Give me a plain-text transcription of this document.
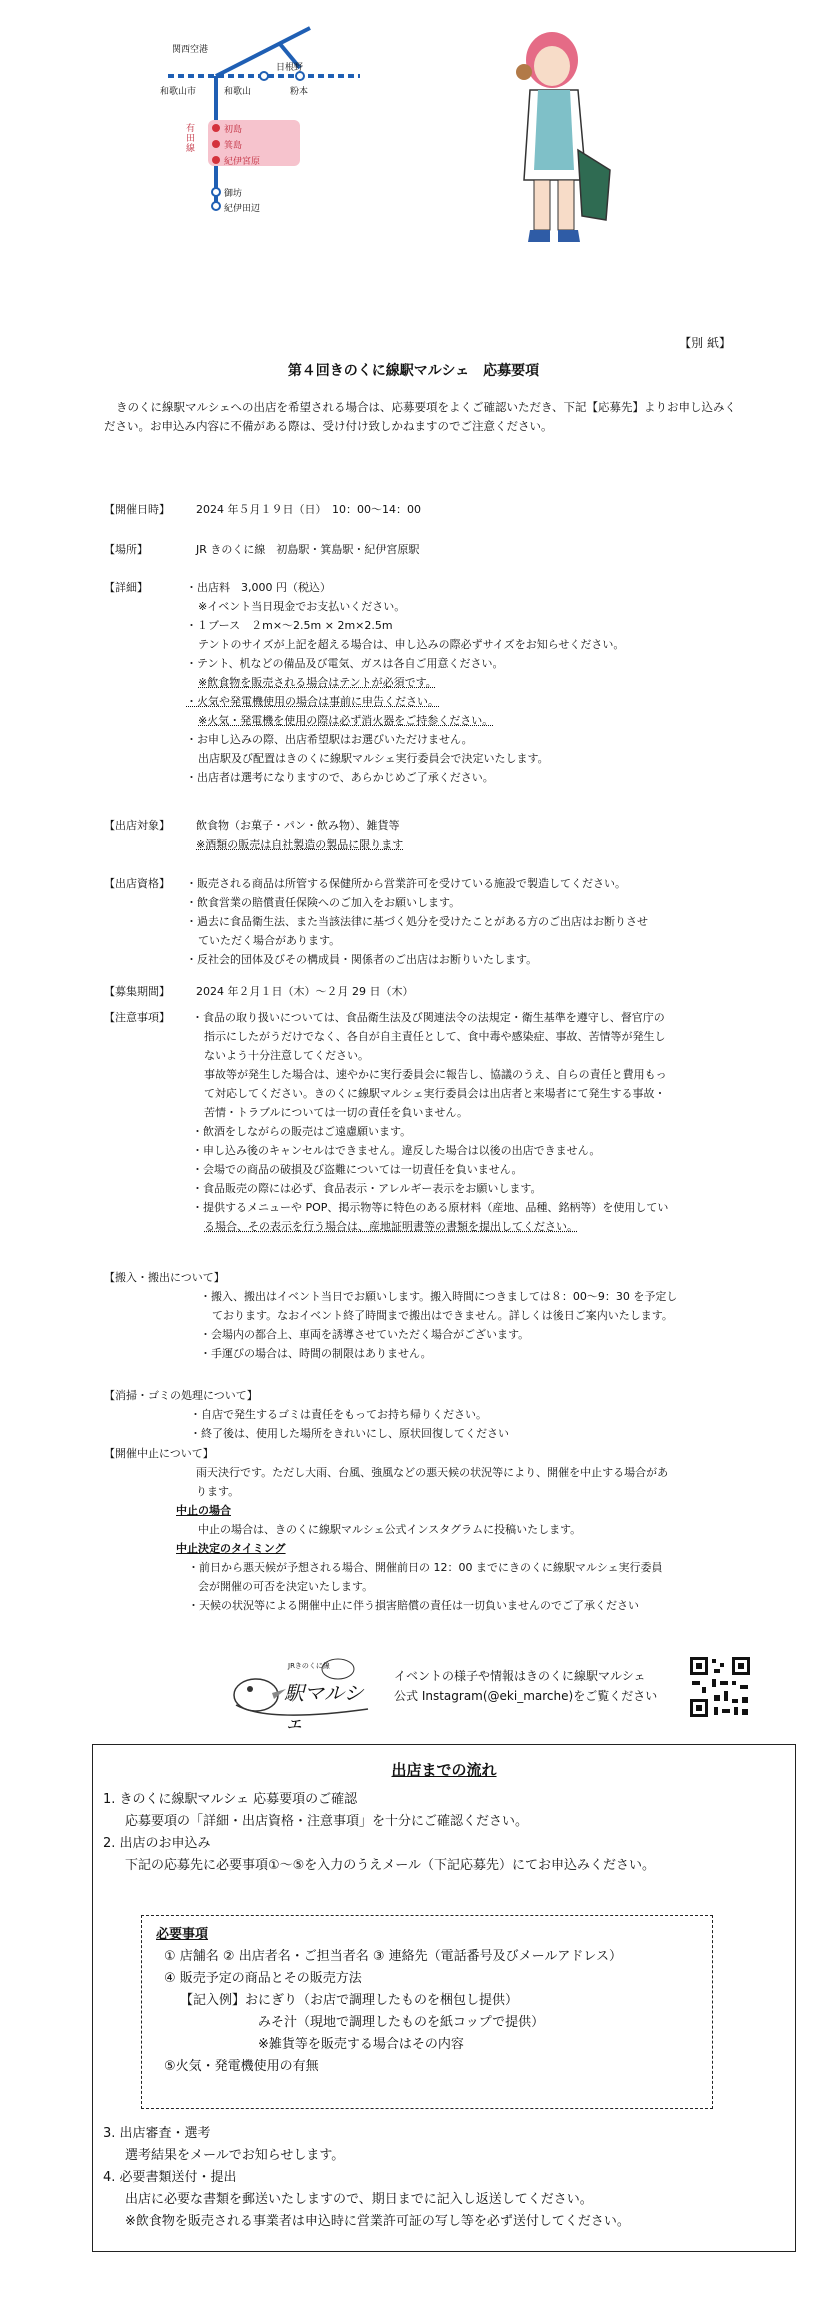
関西空港
日根野
和歌山市	和歌山	粉本
有田線
初島
箕島
紀伊宮原
御坊
紀伊田辺
【別 紙】
第４回きのくに線駅マルシェ　応募要項
きのくに線駅マルシェへの出店を希望される場合は、応募要項をよくご確認いただき、下記【応募先】よりお申し込みください。お申込み内容に不備がある際は、受け付け致しかねますのでご注意ください。
【開催日時】 2024 年５月１９日（日）　10：00～14：00
【場所】	JR きのくに線　初島駅・箕島駅・紀伊宮原駅
【詳細】	・出店料　3,000 円（税込）
※イベント当日現金でお支払いください。
・１ブース　２m×～2.5m × 2m×2.5m
テントのサイズが上記を超える場合は、申し込みの際必ずサイズをお知らせください。
・テント、机などの備品及び電気、ガスは各自ご用意ください。
※飲食物を販売される場合はテントが必須です。
・火気や発電機使用の場合は事前に申告ください。
※火気・発電機を使用の際は必ず消火器をご持参ください。
・お申し込みの際、出店希望駅はお選びいただけません。
出店駅及び配置はきのくに線駅マルシェ実行委員会で決定いたします。
・出店者は選考になりますので、あらかじめご了承ください。
【出店対象】 飲食物（お菓子・パン・飲み物）、雑貨等
※酒類の販売は自社製造の製品に限ります
【出店資格】 ・販売される商品は所管する保健所から営業許可を受けている施設で製造してください。
・飲食営業の賠償責任保険へのご加入をお願いします。
・過去に食品衛生法、また当該法律に基づく処分を受けたことがある方のご出店はお断りさせ
ていただく場合があります。
・反社会的団体及びその構成員・関係者のご出店はお断りいたします。
【募集期間】 2024 年２月１日（木）～２月 29 日（木）
【注意事項】 ・食品の取り扱いについては、食品衛生法及び関連法令の法規定・衛生基準を遵守し、督官庁の
指示にしたがうだけでなく、各自が自主責任として、食中毒や感染症、事故、苦情等が発生し
ないよう十分注意してください。
事故等が発生した場合は、速やかに実行委員会に報告し、協議のうえ、自らの責任と費用もっ
て対応してください。きのくに線駅マルシェ実行委員会は出店者と来場者にて発生する事故・
苦情・トラブルについては一切の責任を負いません。
・飲酒をしながらの販売はご遠慮願います。
・申し込み後のキャンセルはできません。違反した場合は以後の出店できません。
・会場での商品の破損及び盗難については一切責任を負いません。
・食品販売の際には必ず、食品表示・アレルギー表示をお願いします。
・提供するメニューや POP、掲示物等に特色のある原材料（産地、品種、銘柄等）を使用してい
る場合、その表示を行う場合は、産地証明書等の書類を提出してください。
【搬入・搬出について】
・搬入、搬出はイベント当日でお願いします。搬入時間につきましては８：00～9：30 を予定し
ております。なおイベント終了時間まで搬出はできません。詳しくは後日ご案内いたします。
・会場内の都合上、車両を誘導させていただく場合がございます。
・手運びの場合は、時間の制限はありません。
【消掃・ゴミの処理について】
・自店で発生するゴミは責任をもってお持ち帰りください。
・終了後は、使用した場所をきれいにし、原状回復してください
【開催中止について】
雨天決行です。ただし大雨、台風、強風などの悪天候の状況等により、開催を中止する場合があ
ります。
中止の場合
中止の場合は、きのくに線駅マルシェ公式インスタグラムに投稿いたします。
中止決定のタイミング
・前日から悪天候が予想される場合、開催前日の 12：00 までにきのくに線駅マルシェ実行委員
会が開催の可否を決定いたします。
・天候の状況等による開催中止に伴う損害賠償の責任は一切負いませんのでご了承ください
JRきのくに線
駅マルシェ
イベントの様子や情報はきのくに線駅マルシェ
公式 Instagram(@eki_marche)をご覧ください
出店までの流れ
1. きのくに線駅マルシェ 応募要項のご確認
応募要項の「詳細・出店資格・注意事項」を十分にご確認ください。
2. 出店のお申込み
下記の応募先に必要事項①～⑤を入力のうえメール（下記応募先）にてお申込みください。
必要事項
① 店舗名 ② 出店者名・ご担当者名 ③ 連絡先（電話番号及びメールアドレス）
④ 販売予定の商品とその販売方法
【記入例】おにぎり（お店で調理したものを梱包し提供）
みそ汁（現地で調理したものを紙コップで提供）
※雑貨等を販売する場合はその内容
⑤火気・発電機使用の有無
3. 出店審査・選考
選考結果をメールでお知らせします。
4. 必要書類送付・提出
出店に必要な書類を郵送いたしますので、期日までに記入し返送してください。
※飲食物を販売される事業者は申込時に営業許可証の写し等を必ず送付してください。
